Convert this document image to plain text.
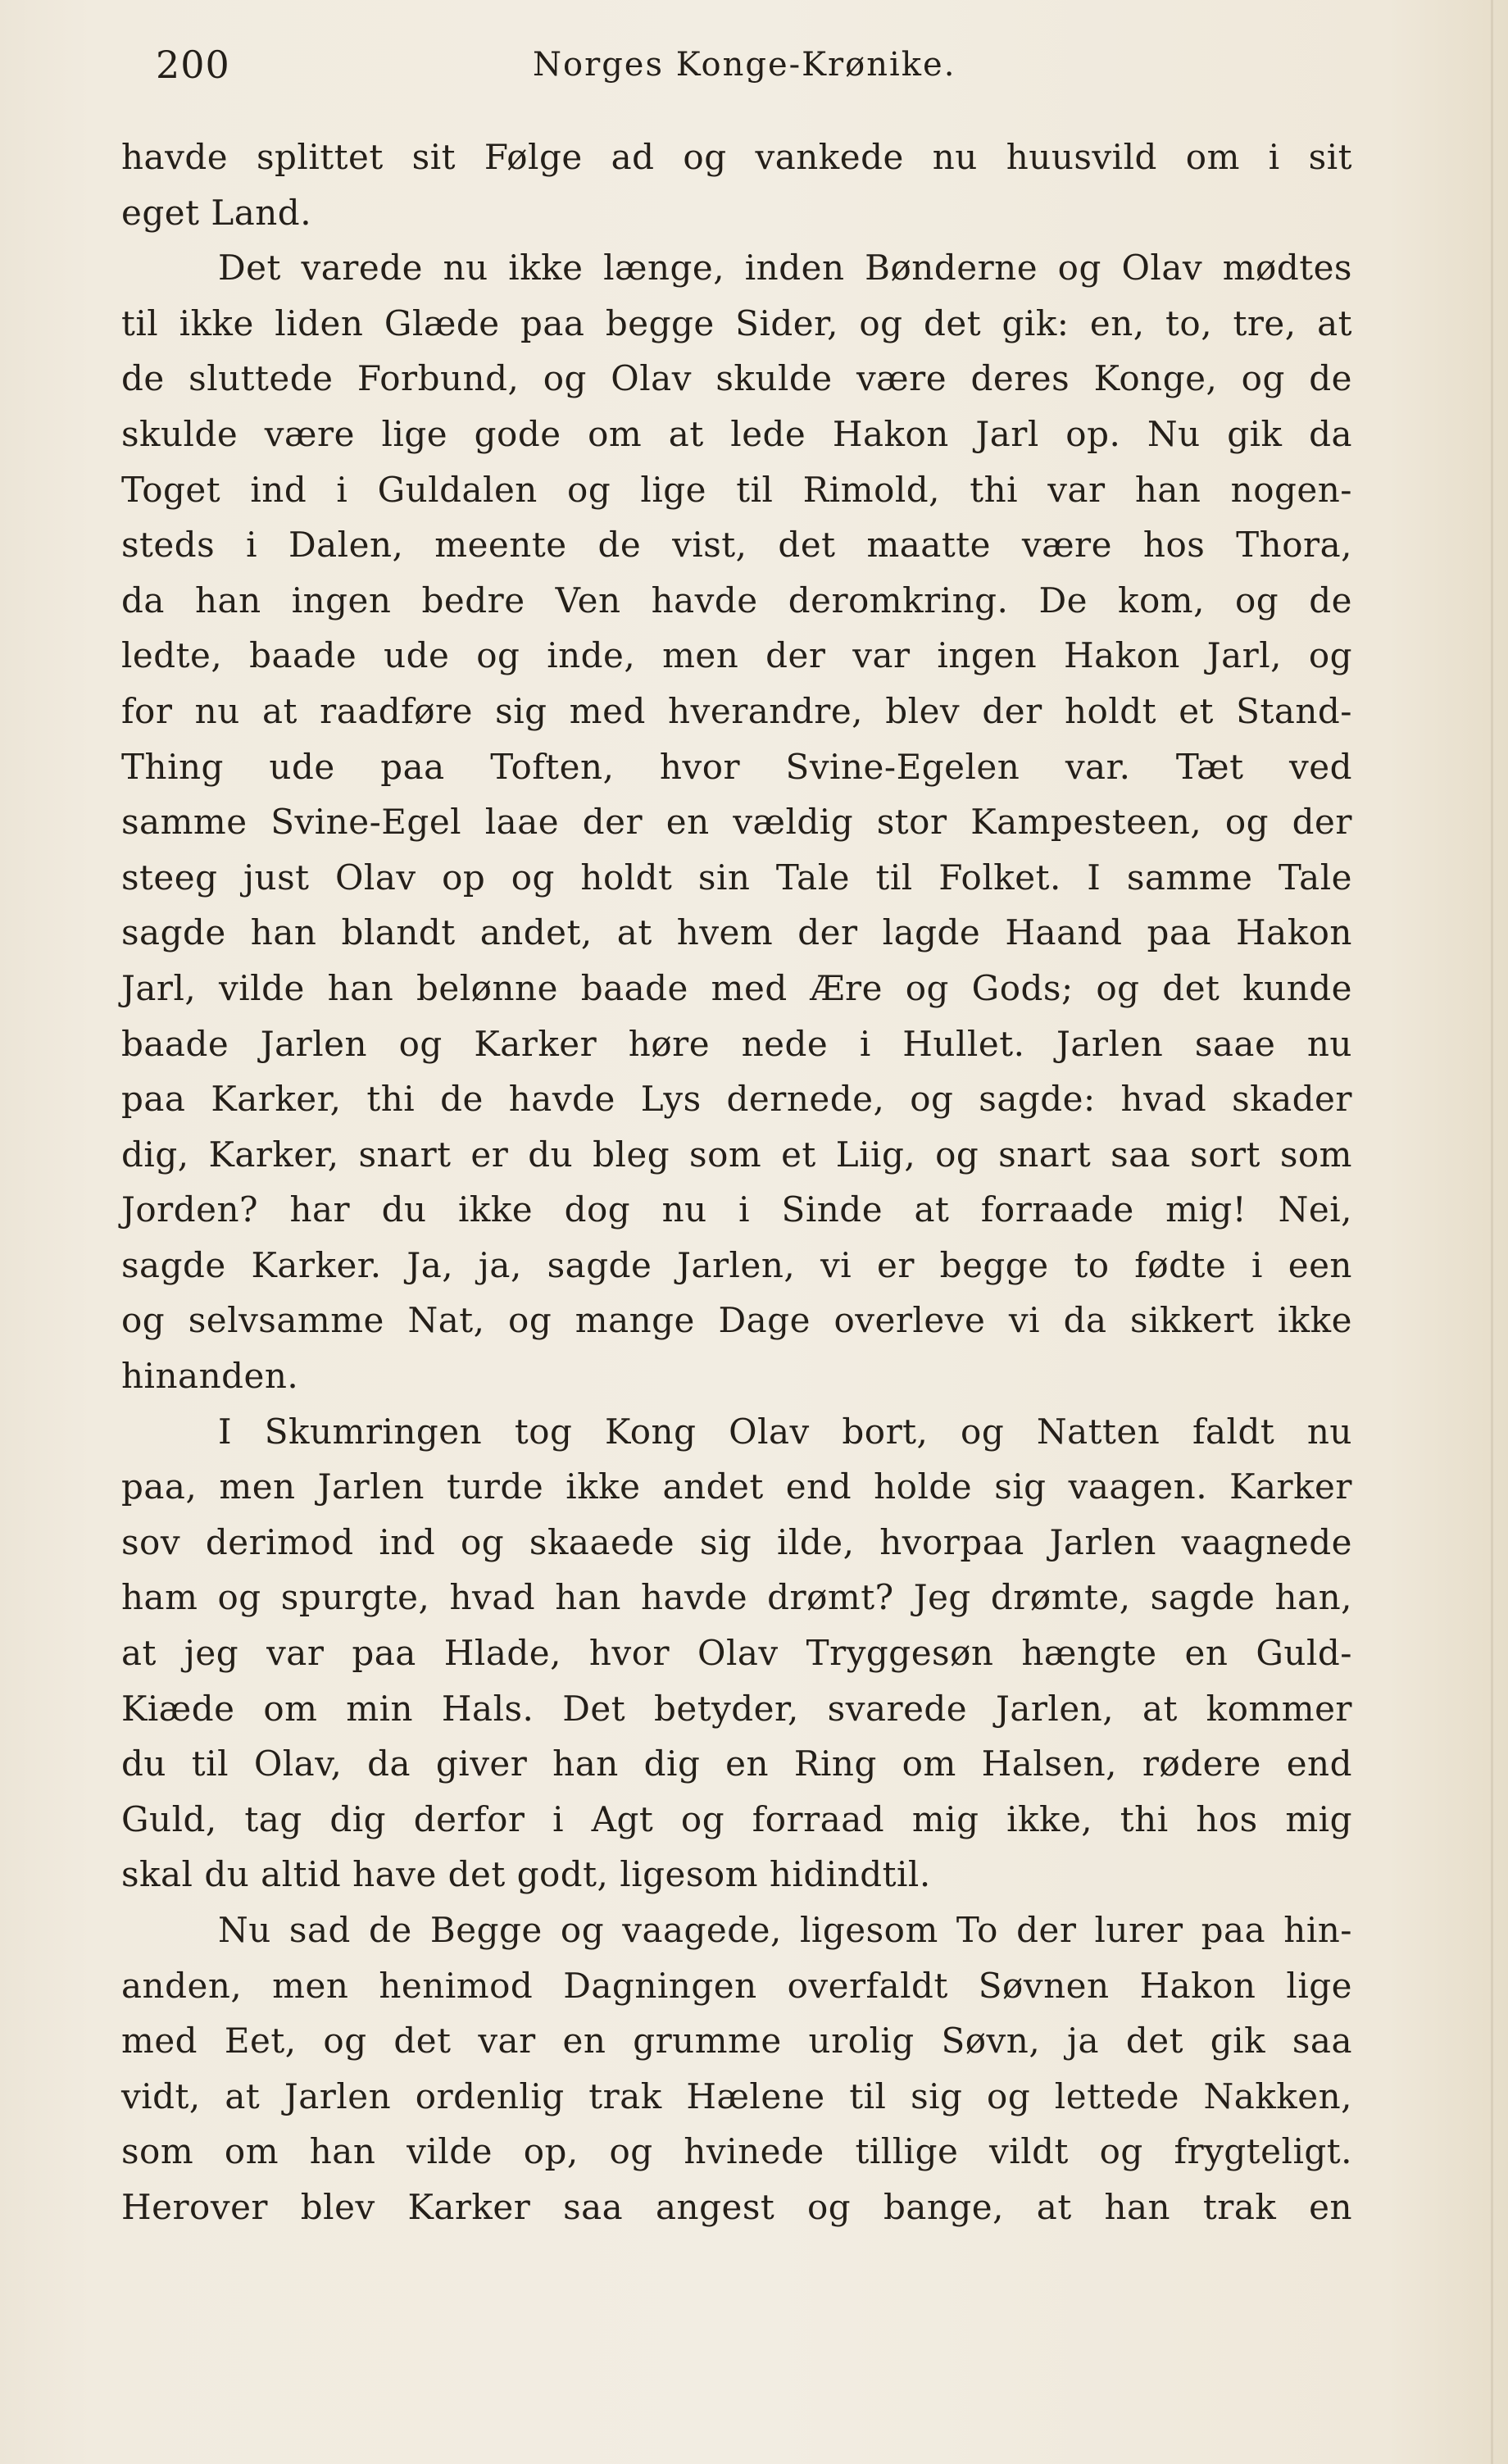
200	Norges Konge-Krønike.
havde splittet sit Følge ad og vankede nu huusvild om i sit
eget Land.
Det varede nu ikke længe, inden Bønderne og Olav mødtes
til ikke liden Glæde paa begge Sider, og det gik: en, to, tre, at
de sluttede Forbund, og Olav skulde være deres Konge, og de
skulde være lige gode om at lede Hakon Jarl op. Nu gik da
Toget ind i Guldalen og lige til Rimold, thi var han nogen-
steds i Dalen, meente de vist, det maatte være hos Thora,
da han ingen bedre Ven havde deromkring. De kom, og de
ledte, baade ude og inde, men der var ingen Hakon Jarl, og
for nu at raadføre sig med hverandre, blev der holdt et Stand-
Thing ude paa Toften, hvor Svine-Egelen var. Tæt ved
samme Svine-Egel laae der en vældig stor Kampesteen, og der
steeg just Olav op og holdt sin Tale til Folket. I samme Tale
sagde han blandt andet, at hvem der lagde Haand paa Hakon
Jarl, vilde han belønne baade med Ære og Gods; og det kunde
baade Jarlen og Karker høre nede i Hullet. Jarlen saae nu
paa Karker, thi de havde Lys dernede, og sagde: hvad skader
dig, Karker, snart er du bleg som et Liig, og snart saa sort som
Jorden? har du ikke dog nu i Sinde at forraade mig! Nei,
sagde Karker. Ja, ja, sagde Jarlen, vi er begge to fødte i een
og selvsamme Nat, og mange Dage overleve vi da sikkert ikke
hinanden.
I Skumringen tog Kong Olav bort, og Natten faldt nu
paa, men Jarlen turde ikke andet end holde sig vaagen. Karker
sov derimod ind og skaaede sig ilde, hvorpaa Jarlen vaagnede
ham og spurgte, hvad han havde drømt? Jeg drømte, sagde han,
at jeg var paa Hlade, hvor Olav Tryggesøn hængte en Guld-
Kiæde om min Hals. Det betyder, svarede Jarlen, at kommer
du til Olav, da giver han dig en Ring om Halsen, rødere end
Guld, tag dig derfor i Agt og forraad mig ikke, thi hos mig
skal du altid have det godt, ligesom hidindtil.
Nu sad de Begge og vaagede, ligesom To der lurer paa hin-
anden, men henimod Dagningen overfaldt Søvnen Hakon lige
med Eet, og det var en grumme urolig Søvn, ja det gik saa
vidt, at Jarlen ordenlig trak Hælene til sig og lettede Nakken,
som om han vilde op, og hvinede tillige vildt og frygteligt.
Herover blev Karker saa angest og bange, at han trak en
